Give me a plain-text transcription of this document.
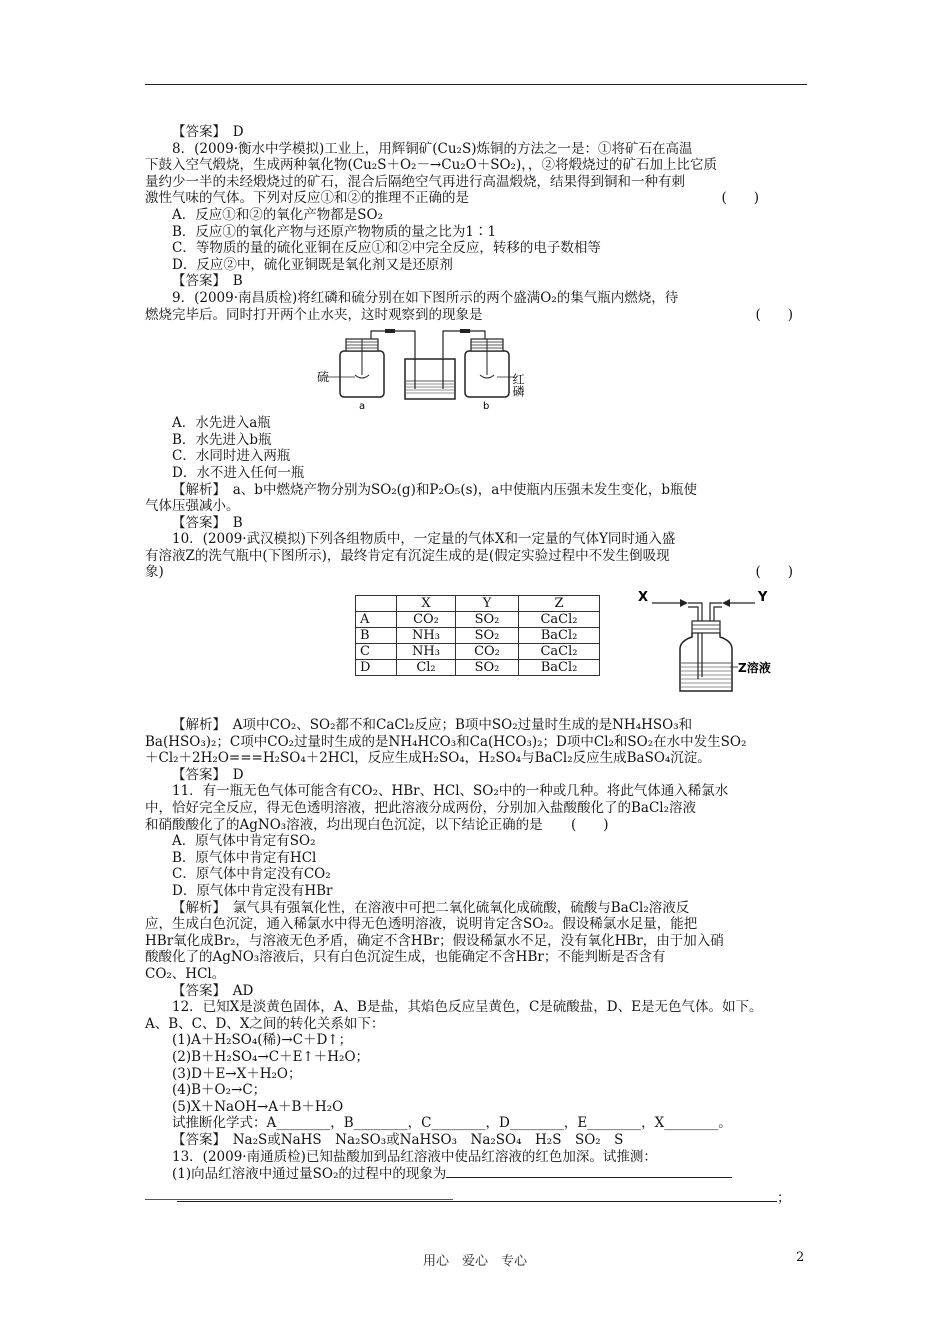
【答案】　D

8．(2009·衡水中学模拟)工业上，用辉铜矿(Cu₂S)炼铜的方法之一是：①将矿石在高温

下鼓入空气煅烧，生成两种氧化物(Cu₂S＋O₂－→Cu₂O＋SO₂)，，②将煅烧过的矿石加上比它质

量约少一半的未经煅烧过的矿石，混合后隔绝空气再进行高温煅烧，结果得到铜和一种有刺

激性气味的气体。下列对反应①和②的推理不正确的是	(　　)

A．反应①和②的氧化产物都是SO₂

B．反应①的氧化产物与还原产物物质的量之比为1∶1

C．等物质的量的硫化亚铜在反应①和②中完全反应，转移的电子数相等

D．反应②中，硫化亚铜既是氧化剂又是还原剂

【答案】　B

9．(2009·南昌质检)将红磷和硫分别在如下图所示的两个盛满O₂的集气瓶内燃烧，待

燃烧完毕后。同时打开两个止水夹，这时观察到的现象是	(　　)

硫
a	b
红磷

A．水先进入a瓶

B．水先进入b瓶

C．水同时进入两瓶

D．水不进入任何一瓶

【解析】　a、b中燃烧产物分别为SO₂(g)和P₂O₅(s)，a中使瓶内压强未发生变化，b瓶使

气体压强减小。

【答案】　B

10．(2009·武汉模拟)下列各组物质中，一定量的气体X和一定量的气体Y同时通入盛

有溶液Z的洗气瓶中(下图所示)，最终肯定有沉淀生成的是(假定实验过程中不发生倒吸现

象)	(　　)

	X	Y	Z
A	CO₂	SO₂	CaCl₂
B	NH₃	SO₂	BaCl₂
C	NH₃	CO₂	CaCl₂
D	Cl₂	SO₂	BaCl₂
X	Y
Z溶液

【解析】　A项中CO₂、SO₂都不和CaCl₂反应；B项中SO₂过量时生成的是NH₄HSO₃和

Ba(HSO₃)₂；C项中CO₂过量时生成的是NH₄HCO₃和Ca(HCO₃)₂；D项中Cl₂和SO₂在水中发生SO₂

＋Cl₂＋2H₂O===H₂SO₄＋2HCl，反应生成H₂SO₄，H₂SO₄与BaCl₂反应生成BaSO₄沉淀。

【答案】　D

11．有一瓶无色气体可能含有CO₂、HBr、HCl、SO₂中的一种或几种。将此气体通入稀氯水

中，恰好完全反应，得无色透明溶液，把此溶液分成两份，分别加入盐酸酸化了的BaCl₂溶液

和硝酸酸化了的AgNO₃溶液，均出现白色沉淀，以下结论正确的是 (　　)

A．原气体中肯定有SO₂

B．原气体中肯定有HCl

C．原气体中肯定没有CO₂

D．原气体中肯定没有HBr

【解析】　氯气具有强氧化性，在溶液中可把二氧化硫氧化成硫酸，硫酸与BaCl₂溶液反

应，生成白色沉淀，通入稀氯水中得无色透明溶液，说明肯定含SO₂。假设稀氯水足量，能把

HBr氧化成Br₂，与溶液无色矛盾，确定不含HBr；假设稀氯水不足，没有氧化HBr，由于加入硝

酸酸化了的AgNO₃溶液后，只有白色沉淀生成，也能确定不含HBr；不能判断是否含有

CO₂、HCl。

【答案】　AD

12．已知X是淡黄色固体，A、B是盐，其焰色反应呈黄色，C是硫酸盐，D、E是无色气体。如下。

A、B、C、D、X之间的转化关系如下：

(1)A＋H₂SO₄(稀)→C＋D↑；

(2)B＋H₂SO₄→C＋E↑＋H₂O；

(3)D＋E→X＋H₂O；

(4)B＋O₂→C；

(5)X＋NaOH→A＋B＋H₂O

试推断化学式：A________，B________，C________，D________，E________，X________。

【答案】　Na₂S或NaHS　Na₂SO₃或NaHSO₃　Na₂SO₄　H₂S　SO₂　S

13．(2009·南通质检)已知盐酸加到品红溶液中使品红溶液的红色加深。试推测：

(1)向品红溶液中通过量SO₂的过程中的现象为

；

用心　爱心　专心	2
